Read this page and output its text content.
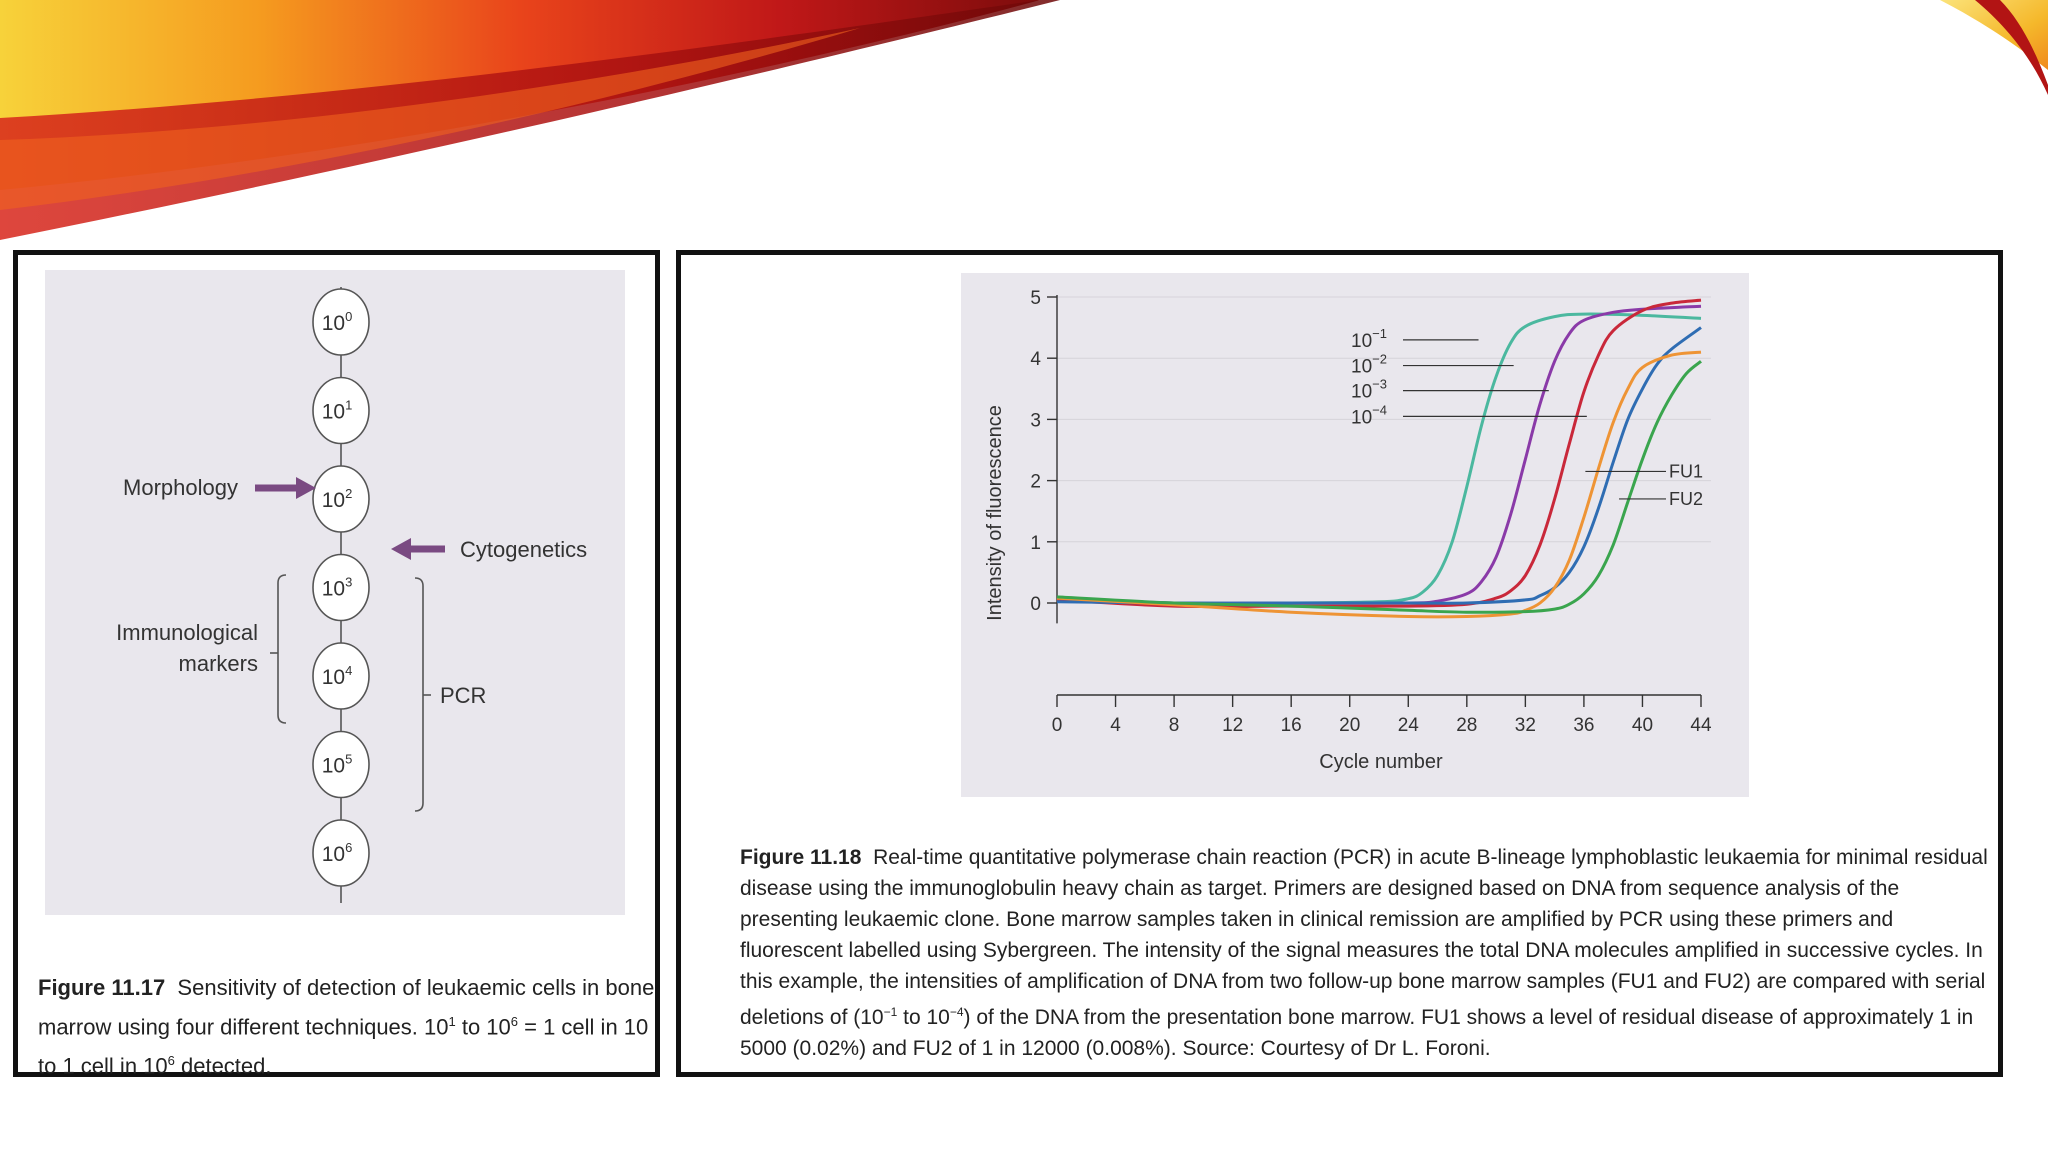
$10^0$
$10^1$
$10^2$
$10^3$
$10^4$
$10^5$
$10^6$
Morphology
Cytogenetics
Immunological
markers
PCR
Figure 11.17 Sensitivity of detection of leukaemic cells in bone marrow using four different techniques. $10^1$ to $10^6 = 1$ cell in 10 to 1 cell in $10^6$ detected.
0
1
2
3
4
5
0	4	8 12 16 20 24 28 32 36 40 44
$10^{-1}$
$10^{-2}$
$10^{-3}$
$10^{-4}$
FU1
FU2
Cycle number
Intensity of fluorescence
Figure 11.18 Real-time quantitative polymerase chain reaction (PCR) in acute B-lineage lymphoblastic leukaemia for minimal residual disease using the immunoglobulin heavy chain as target. Primers are designed based on DNA from sequence analysis of the presenting leukaemic clone. Bone marrow samples taken in clinical remission are amplified by PCR using these primers and fluorescent labelled using Sybergreen. The intensity of the signal measures the total DNA molecules amplified in successive cycles. In this example, the intensities of amplification of DNA from two follow-up bone marrow samples (FU1 and FU2) are compared with serial deletions of ($10^{-1}$ to $10^{-4}$) of the DNA from the presentation bone marrow. FU1 shows a level of residual disease of approximately 1 in 5000 (0.02%) and FU2 of 1 in 12000 (0.008%). Source: Courtesy of Dr L. Foroni.
